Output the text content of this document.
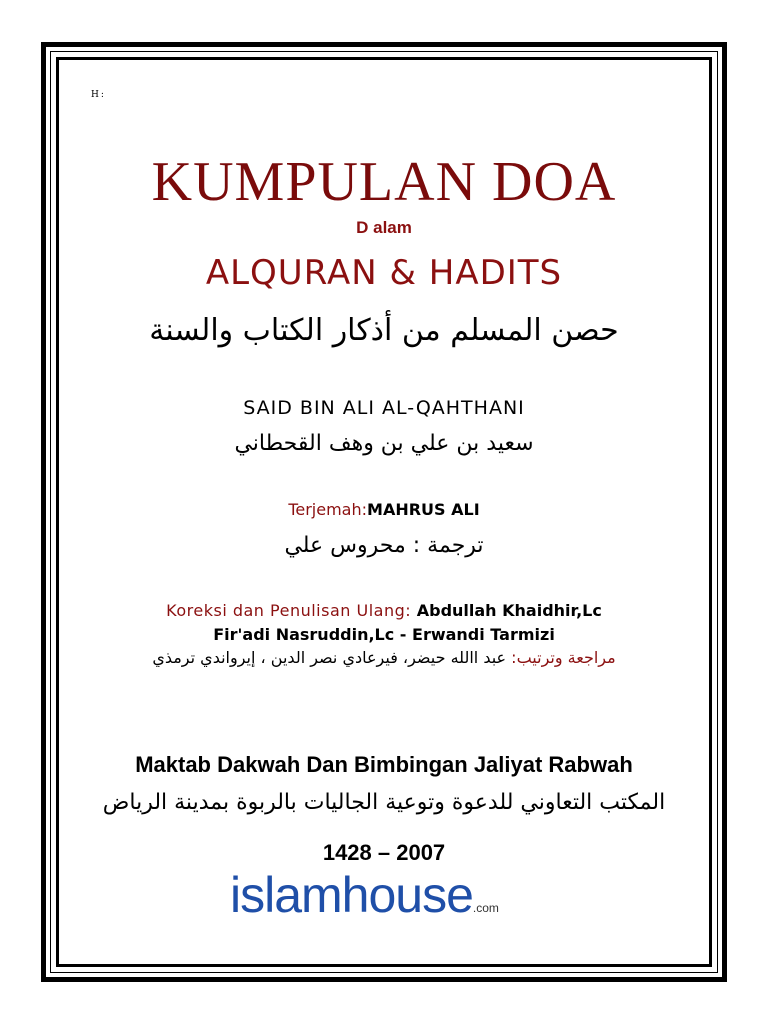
H:
KUMPULAN DOA
D alam
ALQURAN & HADITS
حصن المسلم من أذكار الكتاب والسنة
SAID BIN ALI AL-QAHTHANI
سعيد بن علي بن وهف القحطاني
Terjemah:MAHRUS ALI
ترجمة : محروس علي
Koreksi dan Penulisan Ulang: Abdullah Khaidhir,Lc
Fir'adi Nasruddin,Lc - Erwandi Tarmizi
مراجعة وترتيب: عبد االله حيضر، فيرعادي نصر الدين ، إيرواندي ترمذي
Maktab Dakwah Dan Bimbingan Jaliyat Rabwah
المكتب التعاوني للدعوة وتوعية الجاليات بالربوة بمدينة الرياض
1428 – 2007
islamhouse.com
